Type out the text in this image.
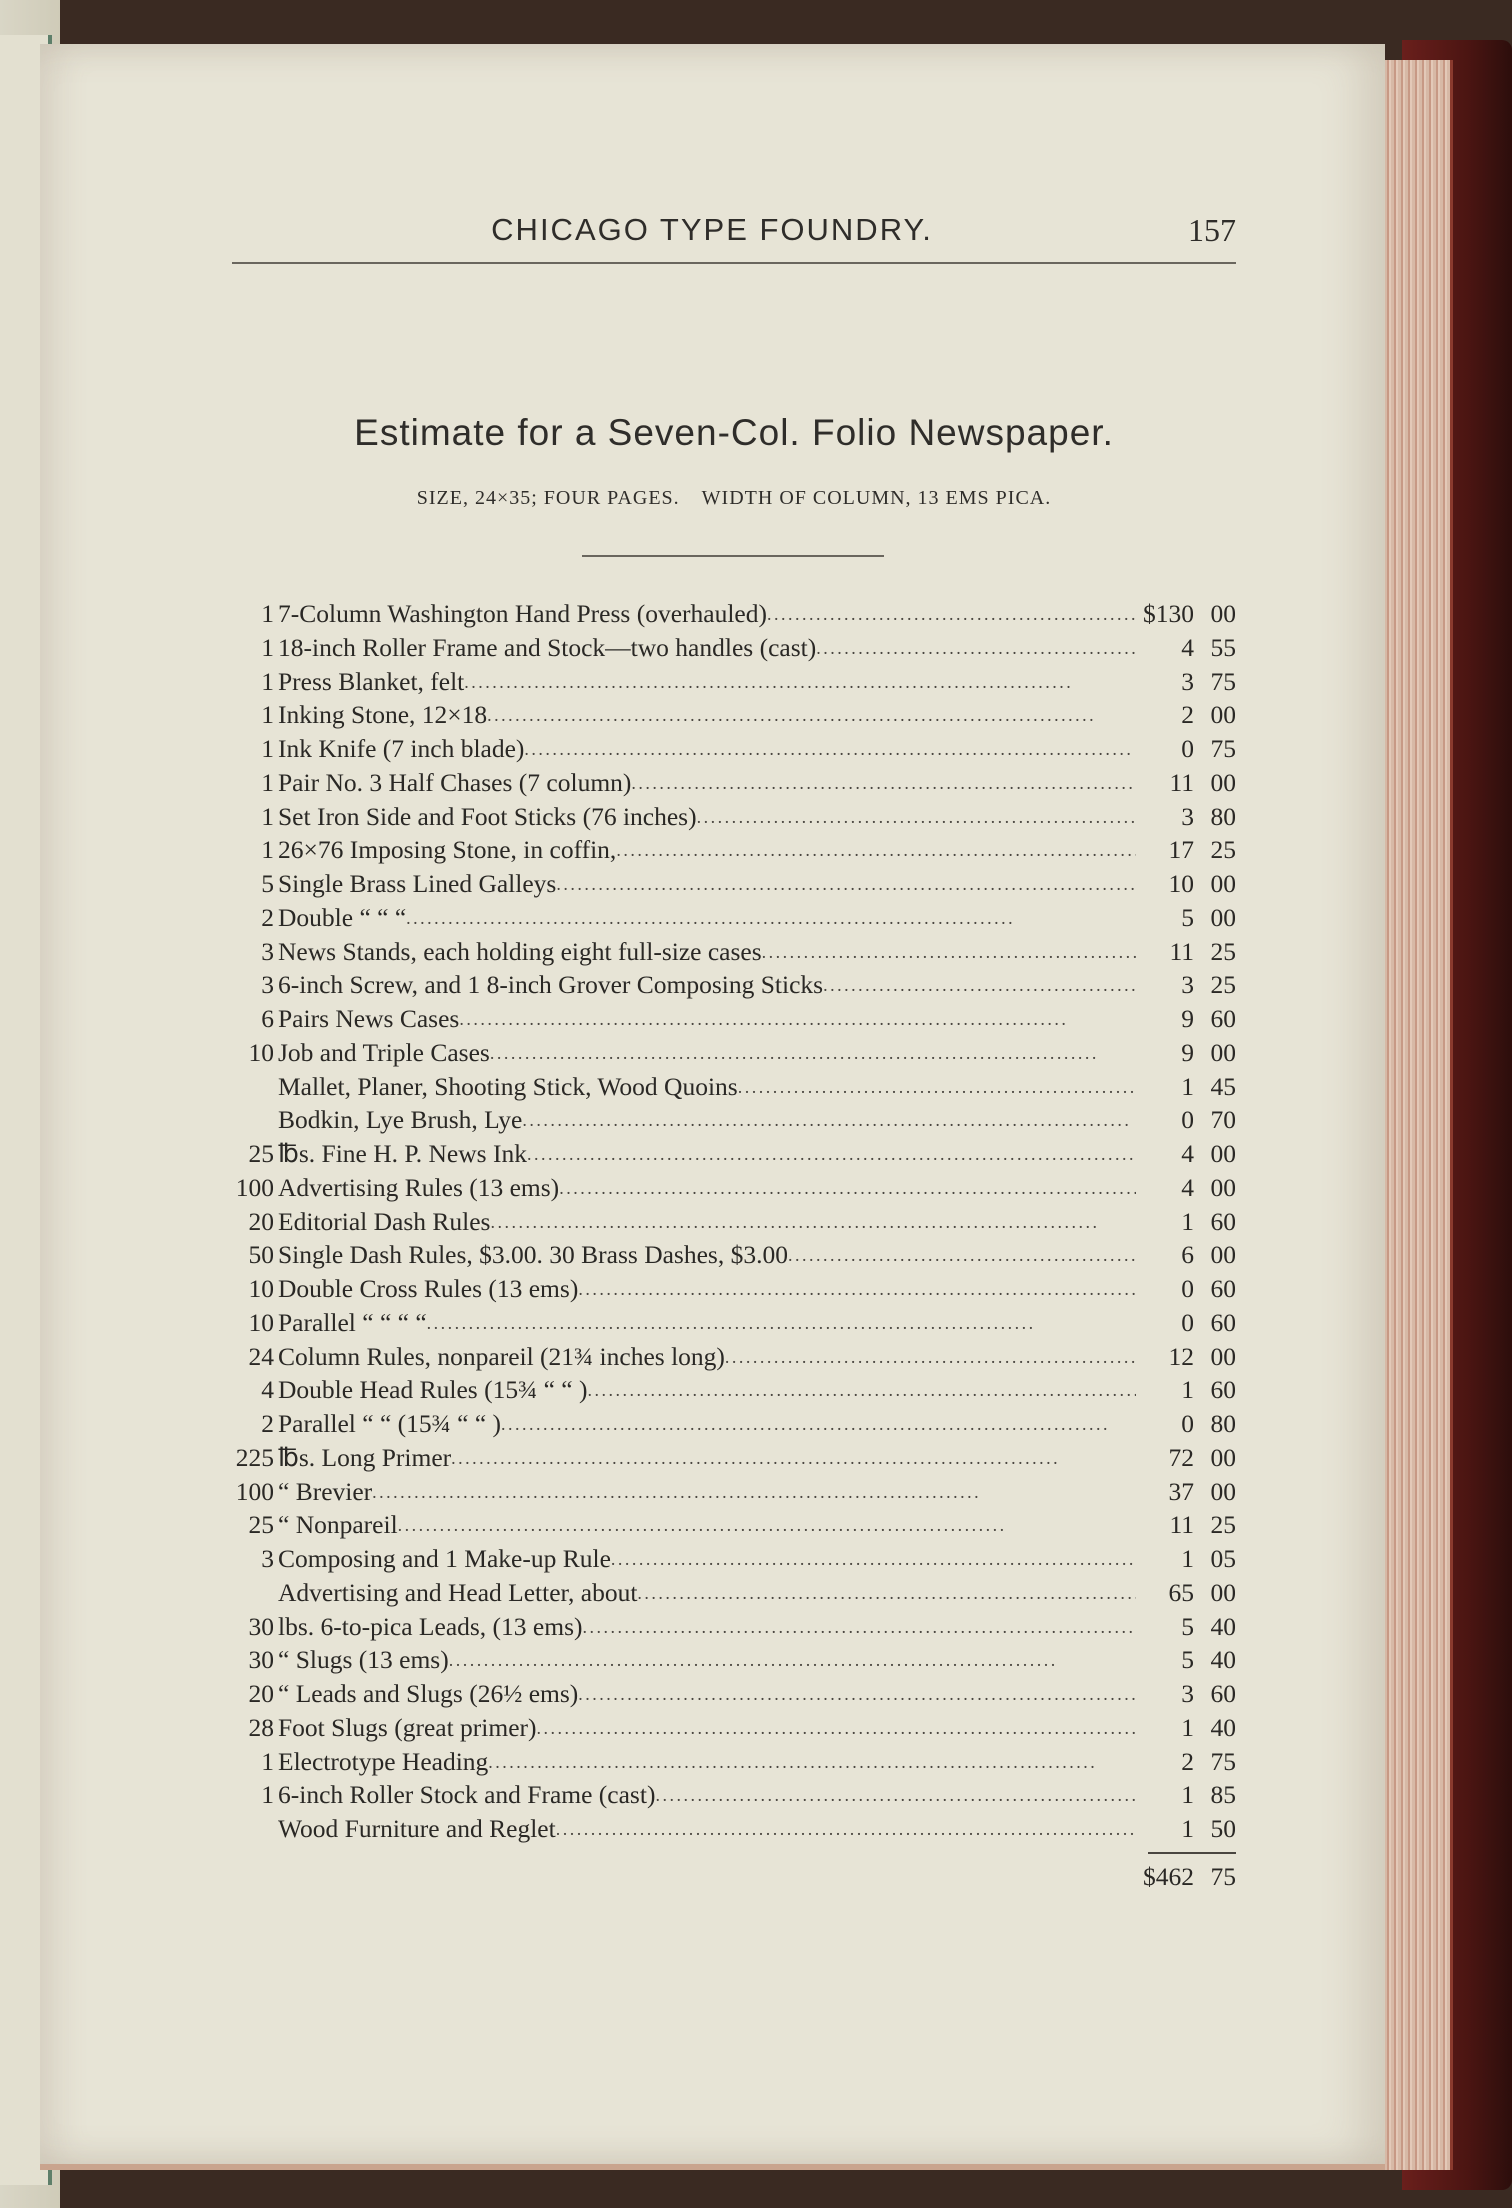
CHICAGO TYPE FOUNDRY.	157
Estimate for a Seven-Col. Folio Newspaper.
SIZE, 24×35; FOUR PAGES. WIDTH OF COLUMN, 13 EMS PICA.
1 7-Column Washington Hand Press (overhauled) . . .	$130 00
1 18-inch Roller Frame and Stock—two handles (cast) . . .	4 55
1 Press Blanket, felt . . .	3 75
1 Inking Stone, 12×18 . . .	2 00
1 Ink Knife (7 inch blade) . . .	0 75
1 Pair No. 3 Half Chases (7 column) . . .	11 00
1 Set Iron Side and Foot Sticks (76 inches) . . .	3 80
1 26×76 Imposing Stone, in coffin, . . .	17 25
5 Single Brass Lined Galleys . . .	10 00
2 Double “ “ “ . . .	5 00
3 News Stands, each holding eight full-size cases . . .	11 25
3 6-inch Screw, and 1 8-inch Grover Composing Sticks . . .	3 25
6 Pairs News Cases . . .	9 60
10 Job and Triple Cases . . .	9 00
Mallet, Planer, Shooting Stick, Wood Quoins . . .	1 45
Bodkin, Lye Brush, Lye . . .	0 70
25 ℔s. Fine H. P. News Ink . . .	4 00
100 Advertising Rules (13 ems) . . .	4 00
20 Editorial Dash Rules . . .	1 60
50 Single Dash Rules, $3.00. 30 Brass Dashes, $3.00 . . .	6 00
10 Double Cross Rules (13 ems) . . .	0 60
10 Parallel “ “ “ “ . . .	0 60
24 Column Rules, nonpareil (21¾ inches long) . . .	12 00
4 Double Head Rules (15¾ “ “ ) . . .	1 60
2 Parallel “ “ (15¾ “ “ ) . . .	0 80
225 ℔s. Long Primer . . .	72 00
100 “ Brevier . . .	37 00
25 “ Nonpareil . . .	11 25
3 Composing and 1 Make-up Rule . . .	1 05
Advertising and Head Letter, about . . .	65 00
30 lbs. 6-to-pica Leads, (13 ems) . . .	5 40
30 “ Slugs (13 ems) . . .	5 40
20 “ Leads and Slugs (26½ ems) . . .	3 60
28 Foot Slugs (great primer) . . .	1 40
1 Electrotype Heading . . .	2 75
1 6-inch Roller Stock and Frame (cast) . . .	1 85
Wood Furniture and Reglet . . .	1 50
$462 75
